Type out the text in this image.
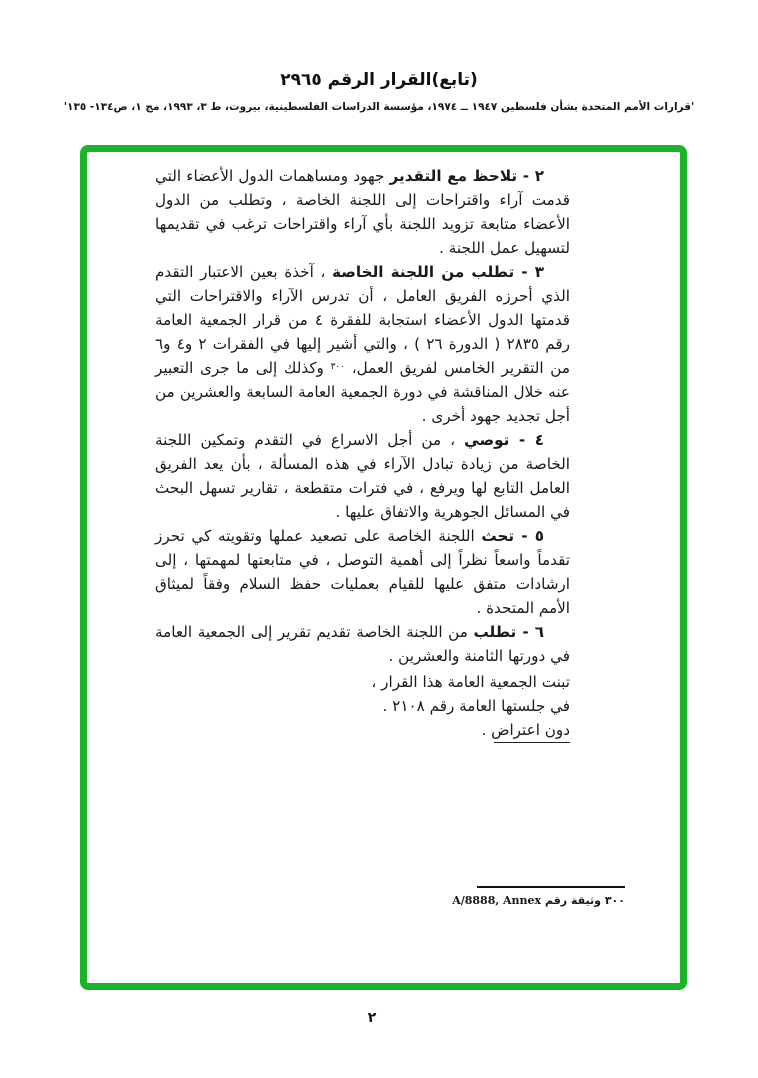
(تابع)القرار الرقم ٢٩٦٥
'قرارات الأمم المتحدة بشأن فلسطين ١٩٤٧ ــ ١٩٧٤، مؤسسة الدراسات الفلسطينية، بيروت، ط ٣، ١٩٩٣، مج ١، ص١٣٤- ١٣٥'

٢ - تلاحظ مع التقدير جهود ومساهمات الدول الأعضاء التي قدمت آراء واقتراحات إلى اللجنة الخاصة ، وتطلب من الدول الأعضاء متابعة تزويد اللجنة بأي آراء واقتراحات ترغب في تقديمها لتسهيل عمل اللجنة .

٣ - تطلب من اللجنة الخاصة ، آخذة بعين الاعتبار التقدم الذي أحرزه الفريق العامل ، أن تدرس الآراء والاقتراحات التي قدمتها الدول الأعضاء استجابة للفقرة ٤ من قرار الجمعية العامة رقم ٢٨٣٥ ( الدورة ٢٦ ) ، والتي أشير إليها في الفقرات ٢ و٤ و٦ من التقرير الخامس لفريق العمل، $^{٣٠٠}$ وكذلك إلى ما جرى التعبير عنه خلال المناقشة في دورة الجمعية العامة السابعة والعشرين من أجل تجديد جهود أخرى .

٤ - توصي ، من أجل الاسراع في التقدم وتمكين اللجنة الخاصة من زيادة تبادل الآراء في هذه المسألة ، بأن يعد الفريق العامل التابع لها ويرفع ، في فترات متقطعة ، تقارير تسهل البحث في المسائل الجوهرية والاتفاق عليها .

٥ - تحث اللجنة الخاصة على تصعيد عملها وتقويته كي تحرز تقدماً واسعاً نظراً إلى أهمية التوصل ، في متابعتها لمهمتها ، إلى ارشادات متفق عليها للقيام بعمليات حفظ السلام وفقاً لميثاق الأمم المتحدة .

٦ - تطلب من اللجنة الخاصة تقديم تقرير إلى الجمعية العامة في دورتها الثامنة والعشرين .

تبنت الجمعية العامة هذا القرار ،
في جلستها العامة رقم ٢١٠٨ .
دون اعتراض .
٣٠٠ وثيقة رقم A/8888, Annex
٢
